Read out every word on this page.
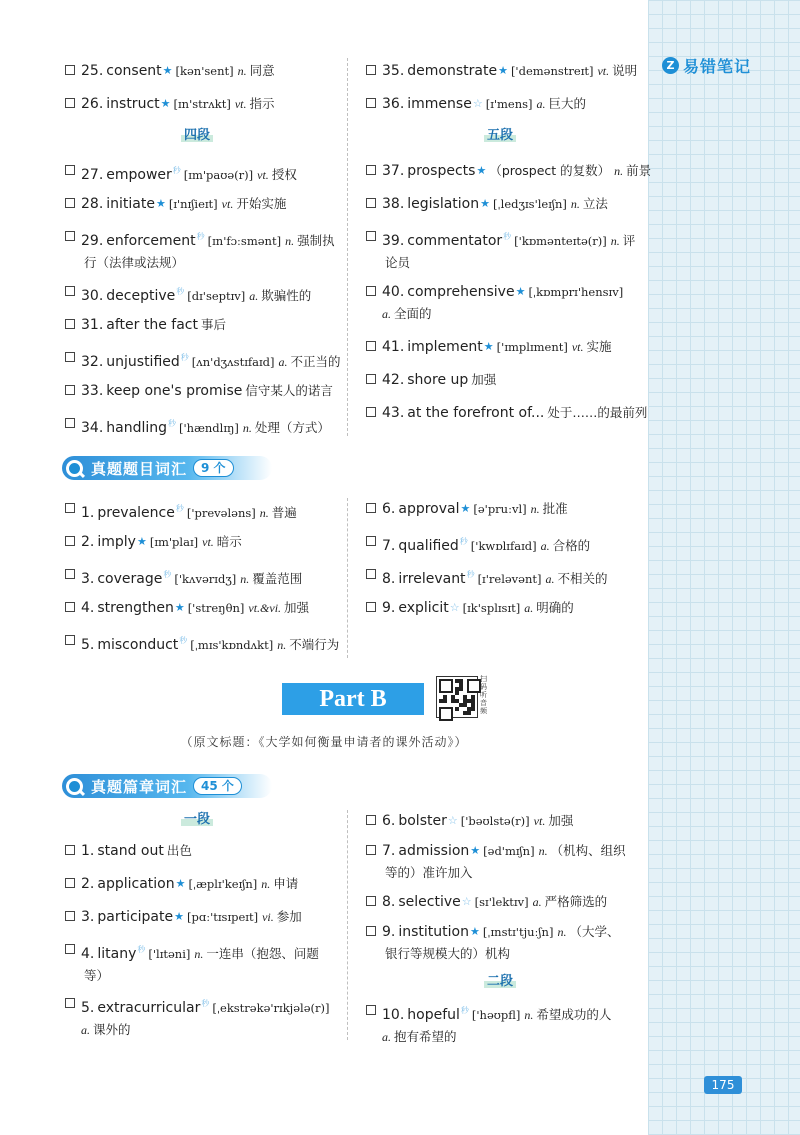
Z 易错笔记
25. consent★ [kən'sent] n. 同意
26. instruct★ [ɪn'strʌkt] vt. 指示
四段
27. empower$^秒$ [ɪm'paʊə(r)] vt. 授权
28. initiate★ [ɪ'nɪʃieɪt] vt. 开始实施
29. enforcement$^秒$ [ɪn'fɔːsmənt] n. 强制执
行（法律或法规）
30. deceptive$^秒$ [dɪ'septɪv] a. 欺骗性的
31. after the fact 事后
32. unjustified$^秒$ [ʌn'dʒʌstɪfaɪd] a. 不正当的
33. keep one's promise 信守某人的诺言
34. handling$^秒$ ['hændlɪŋ] n. 处理（方式）
35. demonstrate★ ['demənstreɪt] vt. 说明
36. immense☆ [ɪ'mens] a. 巨大的
五段
37. prospects★ （prospect 的复数） n. 前景
38. legislation★ [ˌledʒɪs'leɪʃn] n. 立法
39. commentator$^秒$ ['kɒmənteɪtə(r)] n. 评
论员
40. comprehensive★ [ˌkɒmprɪ'hensɪv]
a. 全面的
41. implement★ ['ɪmplɪment] vt. 实施
42. shore up 加强
43. at the forefront of... 处于……的最前列
真题题目词汇	9 个
1. prevalence$^秒$ ['prevələns] n. 普遍
2. imply★ [ɪm'plaɪ] vt. 暗示
3. coverage$^秒$ ['kʌvərɪdʒ] n. 覆盖范围
4. strengthen★ ['streŋθn] vt.&vi. 加强
5. misconduct$^秒$ [ˌmɪs'kɒndʌkt] n. 不端行为
6. approval★ [ə'pruːvl] n. 批准
7. qualified$^秒$ ['kwɒlɪfaɪd] a. 合格的
8. irrelevant$^秒$ [ɪ'reləvənt] a. 不相关的
9. explicit☆ [ɪk'splɪsɪt] a. 明确的
Part B
扫码听音频
（原文标题：《大学如何衡量申请者的课外活动》）
真题篇章词汇	45 个
一段
1. stand out 出色
2. application★ [ˌæplɪ'keɪʃn] n. 申请
3. participate★ [pɑː'tɪsɪpeɪt] vi. 参加
4. litany$^秒$ ['lɪtəni] n. 一连串（抱怨、问题
等）
5. extracurricular$^秒$ [ˌekstrəkə'rɪkjələ(r)]
a. 课外的
6. bolster☆ ['bəʊlstə(r)] vt. 加强
7. admission★ [əd'mɪʃn] n. （机构、组织
等的）准许加入
8. selective☆ [sɪ'lektɪv] a. 严格筛选的
9. institution★ [ˌɪnstɪ'tjuːʃn] n. （大学、
银行等规模大的）机构
二段
10. hopeful$^秒$ ['həʊpfl] n. 希望成功的人
a. 抱有希望的
175
